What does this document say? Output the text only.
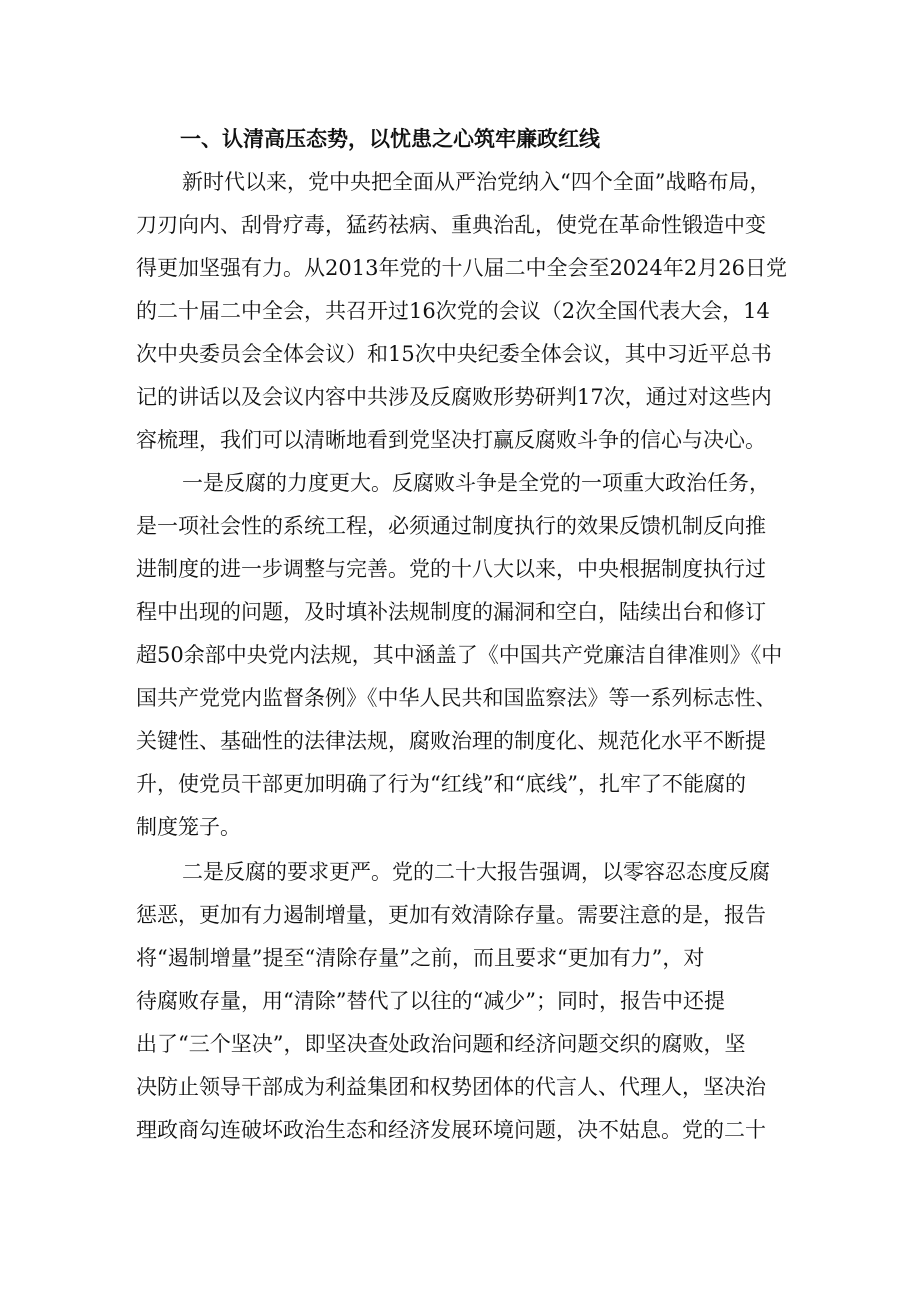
一、认清高压态势，以忧患之心筑牢廉政红线
新时代以来，党中央把全面从严治党纳入“四个全面”战略布局，
刀刃向内、刮骨疗毒，猛药祛病、重典治乱，使党在革命性锻造中变
得更加坚强有力。从2013年党的十八届二中全会至2024年2月26日党
的二十届二中全会，共召开过16次党的会议（2次全国代表大会，14
次中央委员会全体会议）和15次中央纪委全体会议，其中习近平总书
记的讲话以及会议内容中共涉及反腐败形势研判17次，通过对这些内
容梳理，我们可以清晰地看到党坚决打赢反腐败斗争的信心与决心。
一是反腐的力度更大。反腐败斗争是全党的一项重大政治任务，
是一项社会性的系统工程，必须通过制度执行的效果反馈机制反向推
进制度的进一步调整与完善。党的十八大以来，中央根据制度执行过
程中出现的问题，及时填补法规制度的漏洞和空白，陆续出台和修订
超50余部中央党内法规，其中涵盖了《中国共产党廉洁自律准则》《中
国共产党党内监督条例》《中华人民共和国监察法》等一系列标志性、
关键性、基础性的法律法规，腐败治理的制度化、规范化水平不断提
升，使党员干部更加明确了行为“红线”和“底线”，扎牢了不能腐的
制度笼子。
二是反腐的要求更严。党的二十大报告强调，以零容忍态度反腐
惩恶，更加有力遏制增量，更加有效清除存量。需要注意的是，报告
将“遏制增量”提至“清除存量”之前，而且要求“更加有力”，对
待腐败存量，用“清除”替代了以往的“减少”；同时，报告中还提
出了“三个坚决”，即坚决查处政治问题和经济问题交织的腐败，坚
决防止领导干部成为利益集团和权势团体的代言人、代理人，坚决治
理政商勾连破坏政治生态和经济发展环境问题，决不姑息。党的二十
